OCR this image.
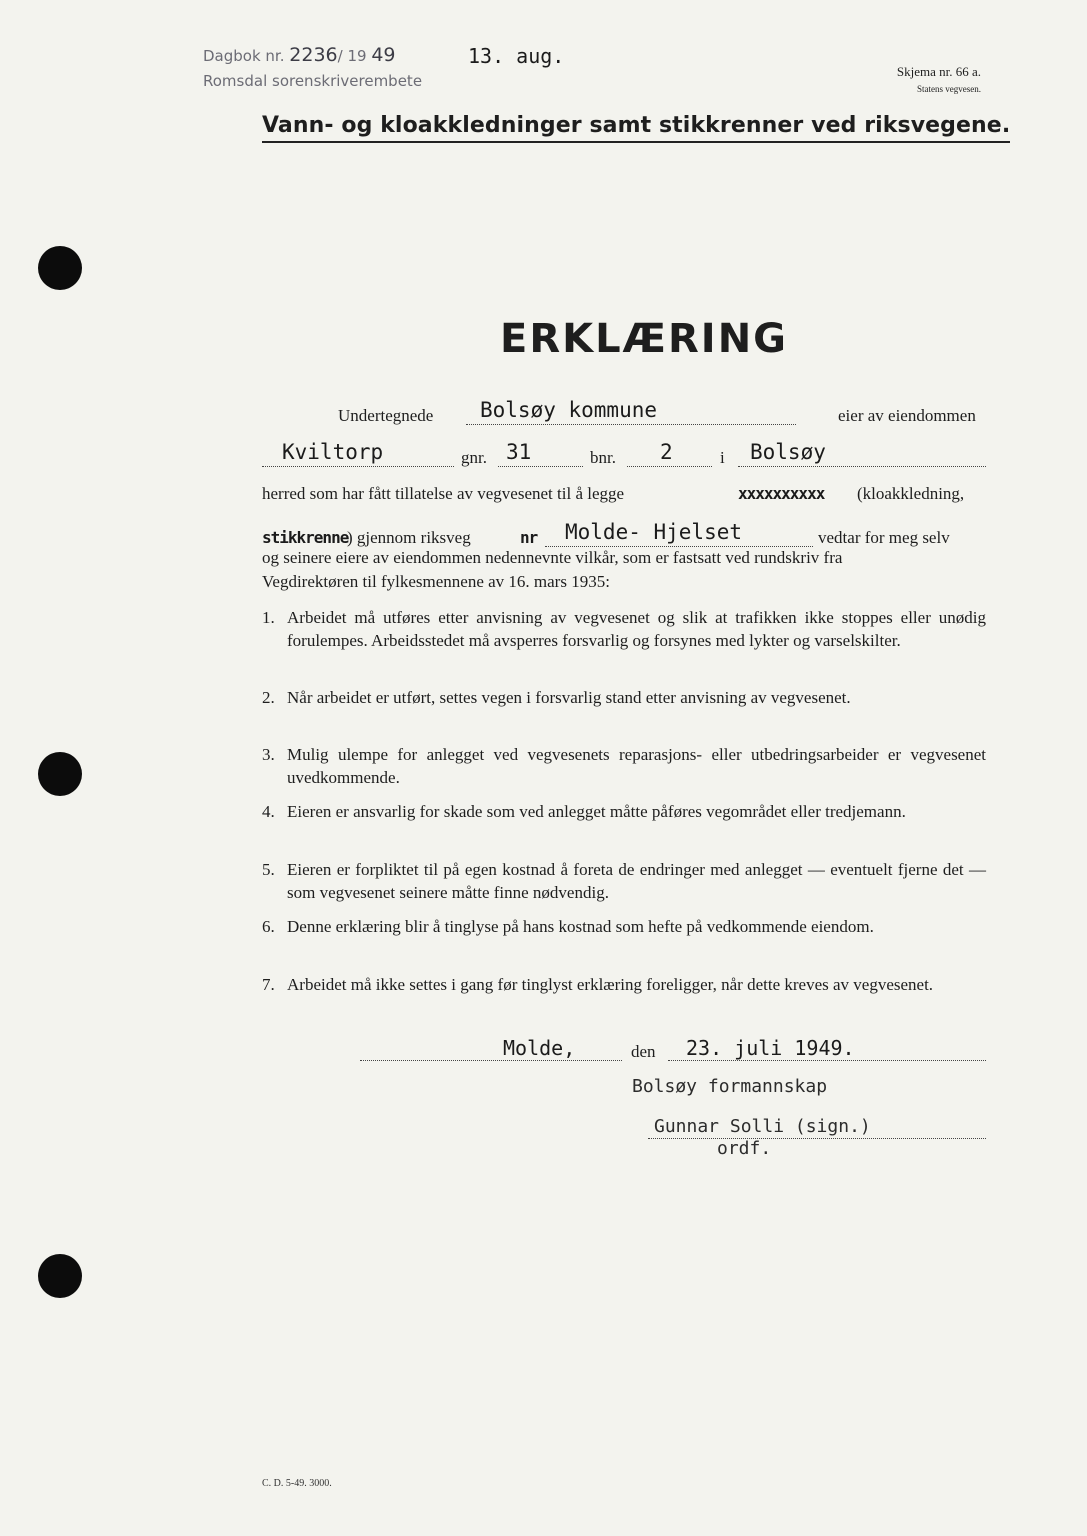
Dagbok nr. 2236/ 19 49	13. aug.
Romsdal sorenskriverembete
Skjema nr. 66 a.
Statens vegvesen.
Vann- og kloakkledninger samt stikkrenner ved riksvegene.
ERKLÆRING
Undertegnede Bolsøy kommune	eier av eiendommen
Kviltorp	gnr. 31	bnr. 2	i Bolsøy
herred som har fått tillatelse av vegvesenet til å legge	xxxxxxxxxx (kloakkledning,
stikkrenne
) gjennom riksveg	nr Molde- Hjelset	vedtar for meg selv
og seinere eiere av eiendommen nedennevnte vilkår, som er fastsatt ved rundskriv fra
Vegdirektøren til fylkesmennene av 16. mars 1935:
1. Arbeidet må utføres etter anvisning av vegvesenet og slik at trafikken ikke stoppes eller unødig forulempes. Arbeidsstedet må avsperres forsvarlig og forsynes med lykter og varselskilter.
2. Når arbeidet er utført, settes vegen i forsvarlig stand etter anvisning av vegvesenet.
3. Mulig ulempe for anlegget ved vegvesenets reparasjons- eller utbedringsarbeider er vegvesenet uvedkommende.
4. Eieren er ansvarlig for skade som ved anlegget måtte påføres vegområdet eller tredjemann.
5. Eieren er forpliktet til på egen kostnad å foreta de endringer med anlegget — eventuelt fjerne det — som vegvesenet seinere måtte finne nødvendig.
6. Denne erklæring blir å tinglyse på hans kostnad som hefte på vedkommende eiendom.
7. Arbeidet må ikke settes i gang før tinglyst erklæring foreligger, når dette kreves av vegvesenet.
Molde,	den 23. juli 1949.
Bolsøy formannskap
Gunnar Solli (sign.)
ordf.
C. D. 5-49. 3000.
